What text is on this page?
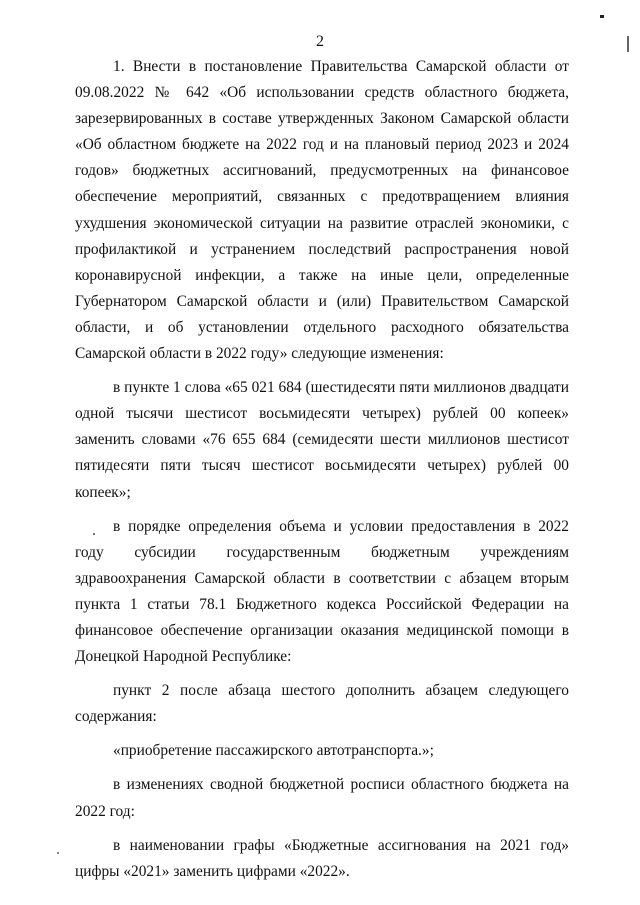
2

1. Внести в постановление Правительства Самарской области от 09.08.2022 № 642 «Об использовании средств областного бюджета, зарезервированных в составе утвержденных Законом Самарской области «Об областном бюджете на 2022 год и на плановый период 2023 и 2024 годов» бюджетных ассигнований, предусмотренных на финансовое обеспечение мероприятий, связанных с предотвращением влияния ухудшения экономической ситуации на развитие отраслей экономики, с профилактикой и устранением последствий распространения новой коронавирусной инфекции, а также на иные цели, определенные Губернатором Самарской области и (или) Правительством Самарской области, и об установлении отдельного расходного обязательства Самарской области в 2022 году» следующие изменения:

в пункте 1 слова «65 021 684 (шестидесяти пяти миллионов двадцати одной тысячи шестисот восьмидесяти четырех) рублей 00 копеек» заменить словами «76 655 684 (семидесяти шести миллионов шестисот пятидесяти пяти тысяч шестисот восьмидесяти четырех) рублей 00 копеек»;

в порядке определения объема и условии предоставления в 2022 году субсидии государственным бюджетным учреждениям здравоохранения Самарской области в соответствии с абзацем вторым пункта 1 статьи 78.1 Бюджетного кодекса Российской Федерации на финансовое обеспечение организации оказания медицинской помощи в Донецкой Народной Республике:

пункт 2 после абзаца шестого дополнить абзацем следующего содержания:

«приобретение пассажирского автотранспорта.»;

в изменениях сводной бюджетной росписи областного бюджета на 2022 год:

в наименовании графы «Бюджетные ассигнования на 2021 год» цифры «2021» заменить цифрами «2022».
